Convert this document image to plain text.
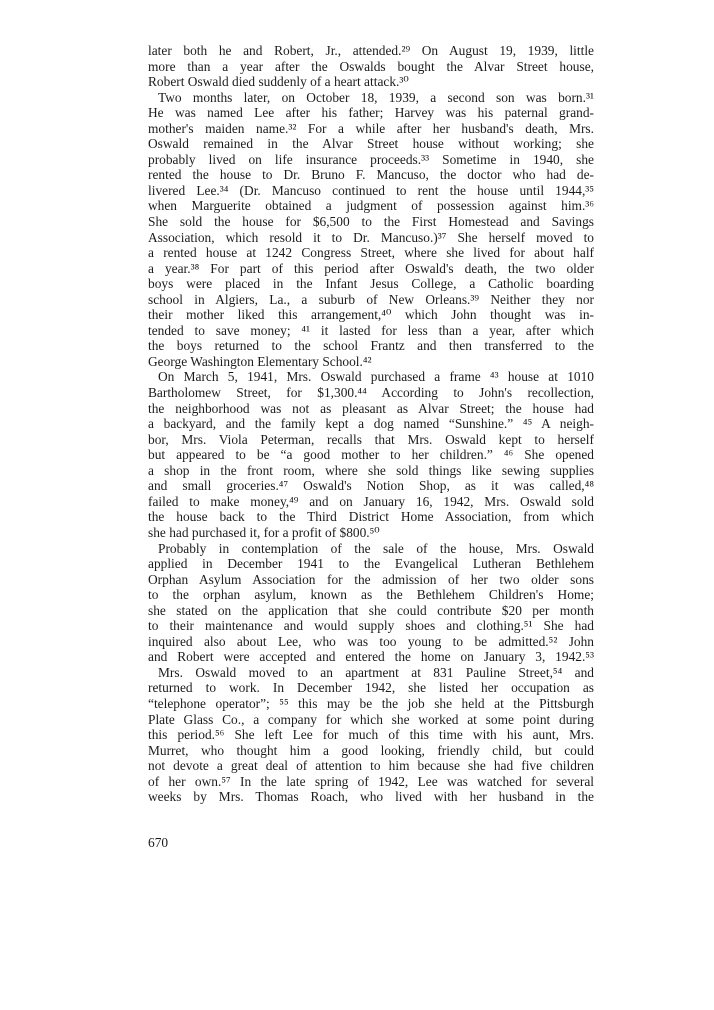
later both he and Robert, Jr., attended.²⁹ On August 19, 1939, little
more than a year after the Oswalds bought the Alvar Street house,
Robert Oswald died suddenly of a heart attack.³⁰
Two months later, on October 18, 1939, a second son was born.³¹
He was named Lee after his father; Harvey was his paternal grand-
mother's maiden name.³² For a while after her husband's death, Mrs.
Oswald remained in the Alvar Street house without working; she
probably lived on life insurance proceeds.³³ Sometime in 1940, she
rented the house to Dr. Bruno F. Mancuso, the doctor who had de-
livered Lee.³⁴ (Dr. Mancuso continued to rent the house until 1944,³⁵
when Marguerite obtained a judgment of possession against him.³⁶
She sold the house for $6,500 to the First Homestead and Savings
Association, which resold it to Dr. Mancuso.)³⁷ She herself moved to
a rented house at 1242 Congress Street, where she lived for about half
a year.³⁸ For part of this period after Oswald's death, the two older
boys were placed in the Infant Jesus College, a Catholic boarding
school in Algiers, La., a suburb of New Orleans.³⁹ Neither they nor
their mother liked this arrangement,⁴⁰ which John thought was in-
tended to save money; ⁴¹ it lasted for less than a year, after which
the boys returned to the school Frantz and then transferred to the
George Washington Elementary School.⁴²
On March 5, 1941, Mrs. Oswald purchased a frame ⁴³ house at 1010
Bartholomew Street, for $1,300.⁴⁴ According to John's recollection,
the neighborhood was not as pleasant as Alvar Street; the house had
a backyard, and the family kept a dog named “Sunshine.” ⁴⁵ A neigh-
bor, Mrs. Viola Peterman, recalls that Mrs. Oswald kept to herself
but appeared to be “a good mother to her children.” ⁴⁶ She opened
a shop in the front room, where she sold things like sewing supplies
and small groceries.⁴⁷ Oswald's Notion Shop, as it was called,⁴⁸
failed to make money,⁴⁹ and on January 16, 1942, Mrs. Oswald sold
the house back to the Third District Home Association, from which
she had purchased it, for a profit of $800.⁵⁰
Probably in contemplation of the sale of the house, Mrs. Oswald
applied in December 1941 to the Evangelical Lutheran Bethlehem
Orphan Asylum Association for the admission of her two older sons
to the orphan asylum, known as the Bethlehem Children's Home;
she stated on the application that she could contribute $20 per month
to their maintenance and would supply shoes and clothing.⁵¹ She had
inquired also about Lee, who was too young to be admitted.⁵² John
and Robert were accepted and entered the home on January 3, 1942.⁵³
Mrs. Oswald moved to an apartment at 831 Pauline Street,⁵⁴ and
returned to work. In December 1942, she listed her occupation as
“telephone operator”; ⁵⁵ this may be the job she held at the Pittsburgh
Plate Glass Co., a company for which she worked at some point during
this period.⁵⁶ She left Lee for much of this time with his aunt, Mrs.
Murret, who thought him a good looking, friendly child, but could
not devote a great deal of attention to him because she had five children
of her own.⁵⁷ In the late spring of 1942, Lee was watched for several
weeks by Mrs. Thomas Roach, who lived with her husband in the
670
